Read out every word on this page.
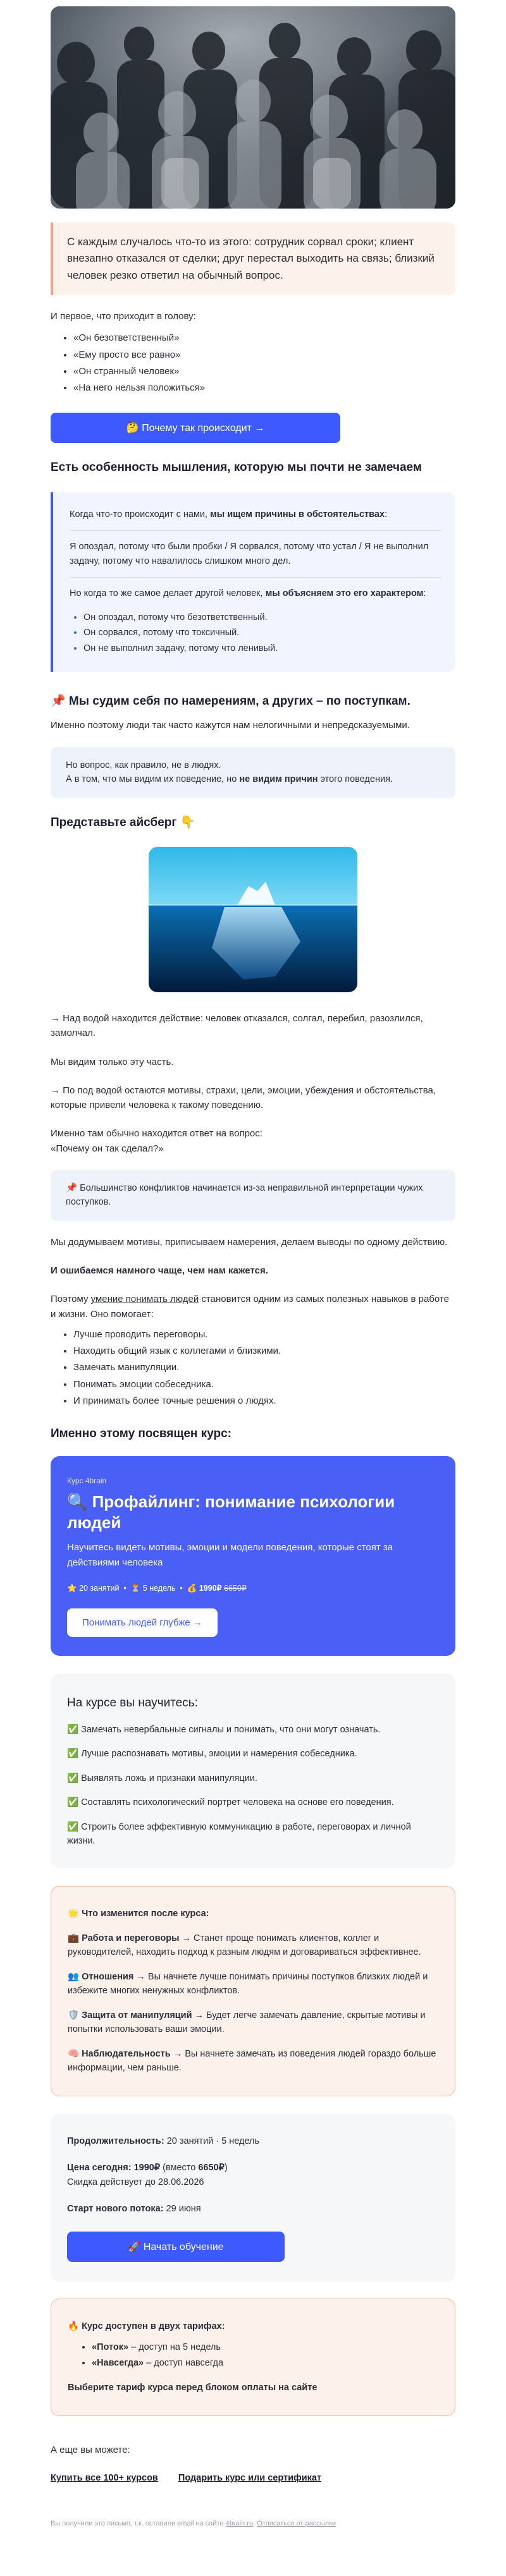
С каждым случалось что-то из этого: сотрудник сорвал сроки; клиент внезапно отказался от сделки; друг перестал выходить на связь; близкий человек резко ответил на обычный вопрос.

И первое, что приходит в голову:

• «Он безответственный»
• «Ему просто все равно»
• «Он странный человек»
• «На него нельзя положиться»
🤔 Почему так происходит →
Есть особенность мышления, которую мы почти не замечаем

Когда что-то происходит с нами, мы ищем причины в обстоятельствах:

Я опоздал, потому что были пробки / Я сорвался, потому что устал / Я не выполнил задачу, потому что навалилось слишком много дел.

Но когда то же самое делает другой человек, мы объясняем это его характером:

• Он опоздал, потому что безответственный.
• Он сорвался, потому что токсичный.
• Он не выполнил задачу, потому что ленивый.
📌 Мы судим себя по намерениям, а других – по поступкам.

Именно поэтому люди так часто кажутся нам нелогичными и непредсказуемыми.

Но вопрос, как правило, не в людях.

А в том, что мы видим их поведение, но не видим причин этого поведения.

Представьте айсберг 👇

→ Над водой находится действие: человек отказался, солгал, перебил, разозлился, замолчал.

Мы видим только эту часть.

→ По под водой остаются мотивы, страхи, цели, эмоции, убеждения и обстоятельства, которые привели человека к такому поведению.

Именно там обычно находится ответ на вопрос:
«Почему он так сделал?»

📌 Большинство конфликтов начинается из-за неправильной интерпретации чужих поступков.

Мы додумываем мотивы, приписываем намерения, делаем выводы по одному действию.

И ошибаемся намного чаще, чем нам кажется.

Поэтому умение понимать людей становится одним из самых полезных навыков в работе и жизни. Оно помогает:

• Лучше проводить переговоры.
• Находить общий язык с коллегами и близкими.
• Замечать манипуляции.
• Понимать эмоции собеседника.
• И принимать более точные решения о людях.
Именно этому посвящен курс:
Курс 4brain
🔍 Профайлинг: понимание психологии людей
Научитесь видеть мотивы, эмоции и модели поведения, которые стоят за действиями человека
⭐ 20 занятий  •  ⏳ 5 недель  •  💰 1990₽ 6650₽
Понимать людей глубже →
На курсе вы научитесь:
✅ Замечать невербальные сигналы и понимать, что они могут означать.
✅ Лучше распознавать мотивы, эмоции и намерения собеседника.
✅ Выявлять ложь и признаки манипуляции.
✅ Составлять психологический портрет человека на основе его поведения.
✅ Строить более эффективную коммуникацию в работе, переговорах и личной жизни.
🌟 Что изменится после курса:
💼 Работа и переговоры → Станет проще понимать клиентов, коллег и руководителей, находить подход к разным людям и договариваться эффективнее.
👥 Отношения → Вы начнете лучше понимать причины поступков близких людей и избежите многих ненужных конфликтов.
🛡️ Защита от манипуляций → Будет легче замечать давление, скрытые мотивы и попытки использовать ваши эмоции.
🧠 Наблюдательность → Вы начнете замечать из поведения людей гораздо больше информации, чем раньше.
Продолжительность: 20 занятий · 5 недель
Цена сегодня: 1990₽ (вместо 6650₽)
Скидка действует до 28.06.2026
Старт нового потока: 29 июня
🚀 Начать обучение
🔥 Курс доступен в двух тарифах:
• «Поток» – доступ на 5 недель
• «Навсегда» – доступ навсегда

Выберите тариф курса перед блоком оплаты на сайте

А еще вы можете:

Купить все 100+ курсов Подарить курс или сертификат

Вы получили это письмо, т.к. оставили email на сайте 4brain.ru. Отписаться от рассылки
